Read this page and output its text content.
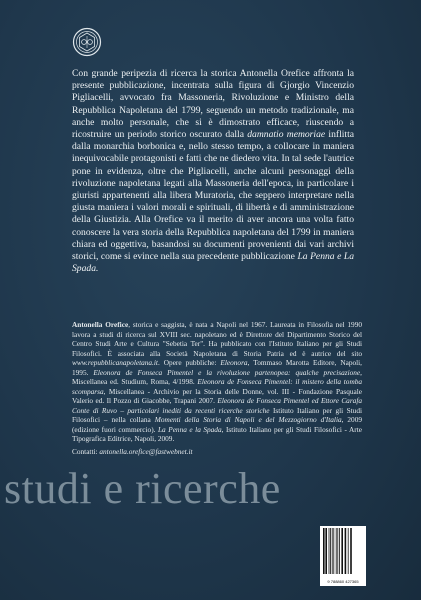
Con grande peripezia di ricerca la storica Antonella Orefice affronta la presente pubblicazione, incentrata sulla figura di Gjorgio Vincenzio Pigliacelli, avvocato fra Massoneria, Rivoluzione e Ministro della Repubblica Napoletana del 1799, seguendo un metodo tradizionale, ma anche molto personale, che si è dimostrato efficace, riuscendo a ricostruire un periodo storico oscurato dalla damnatio memoriae inflitta dalla monarchia borbonica e, nello stesso tempo, a collocare in maniera inequivocabile protagonisti e fatti che ne diedero vita. In tal sede l'autrice pone in evidenza, oltre che Pigliacelli, anche alcuni personaggi della rivoluzione napoletana legati alla Massoneria dell'epoca, in particolare i giuristi appartenenti alla libera Muratoria, che seppero interpretare nella giusta maniera i valori morali e spirituali, di libertà e di amministrazione della Giustizia. Alla Orefice va il merito di aver ancora una volta fatto conoscere la vera storia della Repubblica napoletana del 1799 in maniera chiara ed oggettiva, basandosi su documenti provenienti dai vari archivi storici, come si evince nella sua precedente pubblicazione La Penna e La Spada.

Antonella Orefice, storica e saggista, è nata a Napoli nel 1967. Laureata in Filosofia nel 1990 lavora a studi di ricerca sul XVIII sec. napoletano ed è Direttore del Dipartimento Storico del Centro Studi Arte e Cultura "Sebetia Ter". Ha pubblicato con l'Istituto Italiano per gli Studi Filosofici. È associata alla Società Napoletana di Storia Patria ed è autrice del sito www.repubblicanapoletana.it. Opere pubbliche: Eleonora, Tommaso Marotta Editore, Napoli, 1995. Eleonora de Fonseca Pimentel e la rivoluzione partenopea: qualche precisazione, Miscellanea ed. Studium, Roma, 4/1998. Eleonora de Fonseca Pimentel: il mistero della tomba scomparsa, Miscellanea - Archivio per la Storia delle Donne, vol. III - Fondazione Pasquale Valerio ed. Il Pozzo di Giacobbe, Trapani 2007. Eleonora de Fonseca Pimentel ed Ettore Carafa Conte di Ruvo – particolari inediti da recenti ricerche storiche Istituto Italiano per gli Studi Filosofici – nella collana Momenti della Storia di Napoli e del Mezzogiorno d'Italia, 2009 (edizione fuori commercio). La Penna e la Spada, Istituto Italiano per gli Studi Filosofici - Arte Tipografica Editrice, Napoli, 2009.

Contatti: antonella.orefice@fastwebnet.it
studi e ricerche
9 788860 427365
